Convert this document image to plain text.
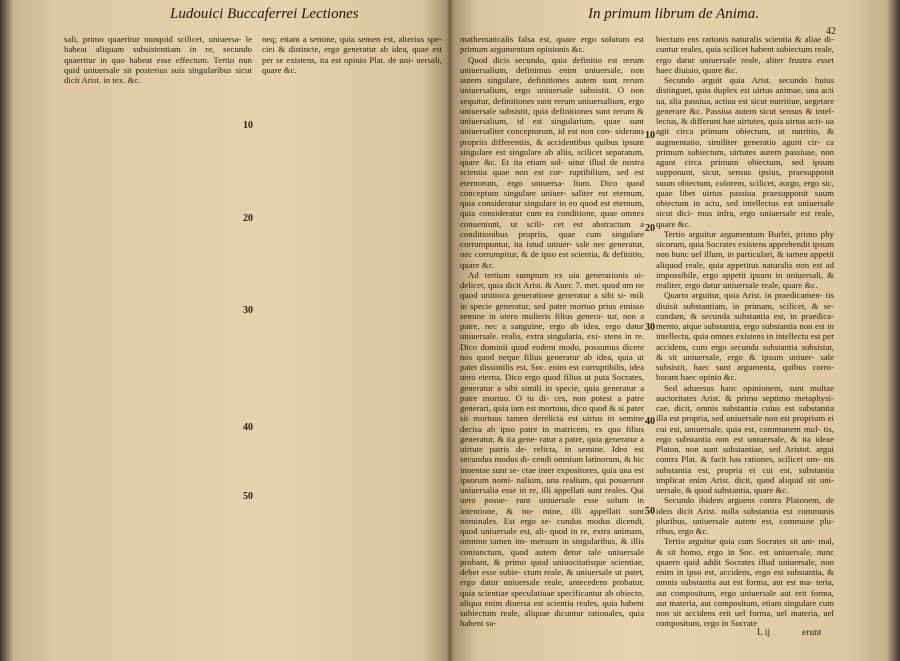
Ludouici Buccaferrei Lectiones

sali, primo quaeritur nunquid scilicet, uniuersa- le habeat aliquam subsistentiam in re, secundo quaeritur in quo habeat esse effectum. Tertio nun quid uniuersale sit posterius suis singularibus sicut dicit Arist. in tex. &c.

neq; etiam a semine, quia semen est, alterius spe- ciei & distincte, ergo generatur ab idea, quae est per se existens, ita est opinio Plat. de uni- uersali, quare &c.

10
20
30
40
50
In primum librum de Anima.
42

mathematicalis falsa est, quare ergo solutum est primum argumentum opinionis &c.

Quod dicis secundo, quia definitio est rerum uniuersalium, definimus enim uniuersale, non autem singulare, definitiones autem sunt rerum uniuersalium, ergo uniuersale subsistit. O non sequitur, definitiones sunt rerum uniuersalium, ergo uniuersale subsistit, quia definitiones sunt rerum & uniuersalium, id est singularium, quae sunt uniuersaliter conceptorum, id est non con- siderans propriis differentiis, & accidentibus quibus ipsum singulare est singulare ab aliis, scilicet separatum, quare &c. Et ita etiam sol- uitur illud de nostra scientia quae non est cor- ruptibilium, sed est eternorum, ergo uniuersa- lium. Dico quod conceptum singulare uniuer- saliter est eternum, quia consideratur singulare in eo quod est eternum, quia consideratur cum ea conditione, quae omnes conueniunt, ut scili- cet est abstractum a conditionibus propriis, quae cum singulare corrumpuntur, ita istud uniuer- sale nec generatur, nec corrumpitur, & de ipso est scientia, & definitio, quare &c.

Ad tertium sumptum ex uia generationis ui- delicet, quia dicit Arist. & Auer. 7. met. quod om ne quod unitioca generatione generatur a sibi si- mili in specie generatur, sed patre mortuo prius emisso semine in utero mulieris filius genera- tur, non a patre, nec a sanguine, ergo ab idea, ergo datur uniuersale. realis, extra singularia, exi- stens in re. Dico dominii quod eodem modo, possumus dicere nos quod neque filius generatur ab idea, quia ut patet dissimilis est, Soc. enim est corruptibilis, idea uero eterna. Dico ergo quod filius ut puta Socrates, generatur a sibi simili in specie, quia generatur a patre mortuo. O tu di- ces, non potest a patre generari, quia iam est mortuus, dico quod & si pater sit mortuus tamen derelicta est uirtus in semine decisa ab ipso patre in matricem, ex quo filius generatur, & ita gene- ratur a patre, quia generatur a uirtute patris de- relicta, in semine. Ideo est secundus modus di- cendi omnium latinorum, & hic innentae sunt se- ctae inter expositores, quia una est ipsorum nomi- nalium, una realium, qui posuerunt uniuersalia esse in re, illi appellati sunt reales. Qui uero posue- runt uniuersale esse solum in intentione, & no- mine, illi appellati sunt nominales. Est ergo se- cundus modus dicendi, quod uniuersale est, ali- quod in re, extra animam, omnino tamen im- mersum in singularibus, & illis coniunctum, quod autem detur tale uniuersale probant, & primo quod uniuocitatisque scientiae, debet esse subie- ctum reale, & uniuersale ut patet, ergo datur uniuersale reale, antecedens probatur, quia scientiae speculatiuae specificantur ab obiecto, aliqua enim diuersa est scientia reales, quia habent subiectum reale, aliquae dicuntur rationales, quia habent su-

biectum ens rationis naturalis scientia & aliae di- cuntur reales, quia scilicet habent subiectum reale, ergo datur uniuersale reale, aliter frustra esset haec diuisio, quare &c.

Secundo arguit quia Arist. secundo huius distinguet, quia duplex est uirtus animae, una acti ua, alia passiua, actiua est sicut nutritiue, uegetare generare &c. Passiua autem sicut sensus & intel- lectus, & differunt hae uirtutes, quia uirtus acti- ua agit circa primum obiectum, ut nutritio, & augmentatio, similiter generatio agunt cir- ca primum subiectum, uirtutes autem passiuae, non agunt circa primum obiectum, sed ipsum supponunt, sicut, sensus ipsius, praesupponit suum obiectum, colorem, scilicet, aurgo, ergo sic, quae libet uirtus passiua praesupponit suum obiectum in actu, sed intellectus est uniuersale sicut dici- mus infra, ergo uniuersale est reale, quare &c.

Tertio arguitur argumentum Burlei, primo phy sicorum, quia Socrates existens apprehendit ipsum non hunc uel illum, in particulari, & tamen appetit aliquod reale, quia appetitus naturalis non est ad impossibile, ergo appetit ipsum in uniuersali, & realiter, ergo datur uniuersale reale, quare &c.

Quarto arguitur, quia Arist. in praedicamen- tis diuisit substantiam, in primam, scilicet, & se- cundam, & secunda substantia est, in praedica- mento, atque substantia, ergo substantia non est in intellectu, quia omnes existens in intellectu est per accidens, cum ergo secunda substantia subsistat, & sit uniuersale, ergo & ipsum uniuer- sale subsistit, haec sunt argumenta, quibus corro- borant haec opinio &c.

Sed aduersus hanc opinionem, sunt multae auctoritates Arist. & primo septimo metaphysi- cae, dicit, omnis substantia cuius est substantia illa est propria, sed uniuersale non est proprium ei cui est, uniuersale, quia est, communem mul- tis, ergo substantia non est uniuersale, & ita ideae Platon. non sunt substantiae, sed Aristot. argui contra Plat. & facit has rationes, scilicet om- nis substantia est, propria ei cui est, substantia implicat enim Arist. dicit, quod aliquid sit uni- uersale, & quod substantia, quare &c.

Secundo ibidem arguens contra Platonem, de ideis dicit Arist. nulla substantia est communis pluribus, uniuersale autem est, commune plu- ribus, ergo &c.

Tertio arguitur quia cum Socrates sit ani- mal, & sit homo, ergo in Soc. est uniuersale, nunc quaero quid addit Socrates illud uniuersale, non enim in ipso est, accidens, ergo est substantia, & omnis substantia aut est forma, aut est ma- teria, aut compositum, ergo uniuersale aut erit forma, aut materia, aut compositum, etiam singulare cum non sit accidens erit uel forma, uel materia, uel compositum, ergo in Socrate

10
20
30
40
50
L ij	erunt
